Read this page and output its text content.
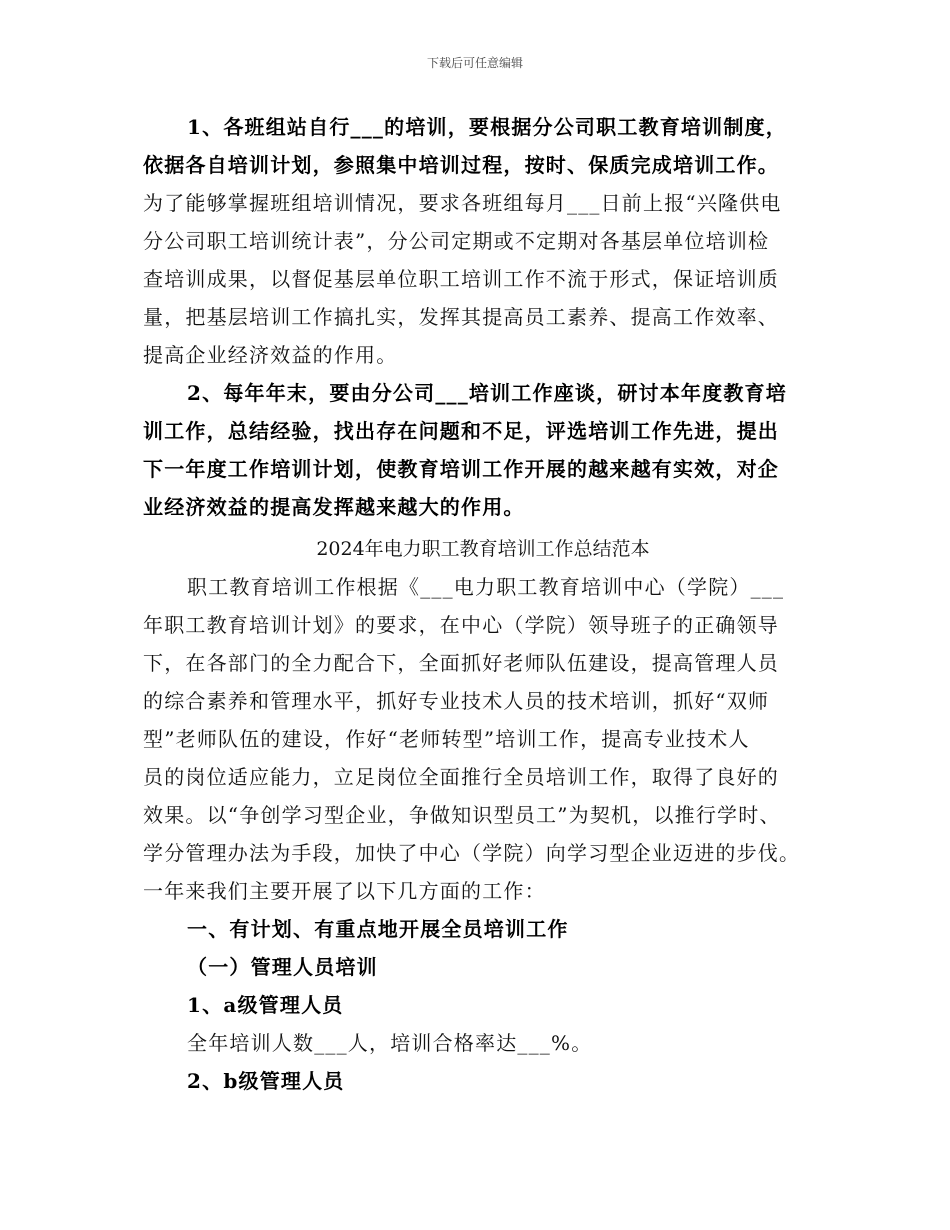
下载后可任意编辑
1、各班组站自行___的培训，要根据分公司职工教育培训制度，
依据各自培训计划，参照集中培训过程，按时、保质完成培训工作。
为了能够掌握班组培训情况，要求各班组每月___日前上报“兴隆供电
分公司职工培训统计表”，分公司定期或不定期对各基层单位培训检
查培训成果，以督促基层单位职工培训工作不流于形式，保证培训质
量，把基层培训工作搞扎实，发挥其提高员工素养、提高工作效率、
提高企业经济效益的作用。
2、每年年末，要由分公司___培训工作座谈，研讨本年度教育培
训工作，总结经验，找出存在问题和不足，评选培训工作先进，提出
下一年度工作培训计划，使教育培训工作开展的越来越有实效，对企
业经济效益的提高发挥越来越大的作用。
2024年电力职工教育培训工作总结范本
职工教育培训工作根据《___电力职工教育培训中心（学院）___
年职工教育培训计划》的要求，在中心（学院）领导班子的正确领导
下，在各部门的全力配合下，全面抓好老师队伍建设，提高管理人员
的综合素养和管理水平，抓好专业技术人员的技术培训，抓好“双师
型”老师队伍的建设，作好“老师转型”培训工作，提高专业技术人
员的岗位适应能力，立足岗位全面推行全员培训工作，取得了良好的
效果。以“争创学习型企业，争做知识型员工”为契机，以推行学时、
学分管理办法为手段，加快了中心（学院）向学习型企业迈进的步伐。
一年来我们主要开展了以下几方面的工作：
一、有计划、有重点地开展全员培训工作
（一）管理人员培训
1、a级管理人员
全年培训人数___人，培训合格率达___%。
2、b级管理人员
